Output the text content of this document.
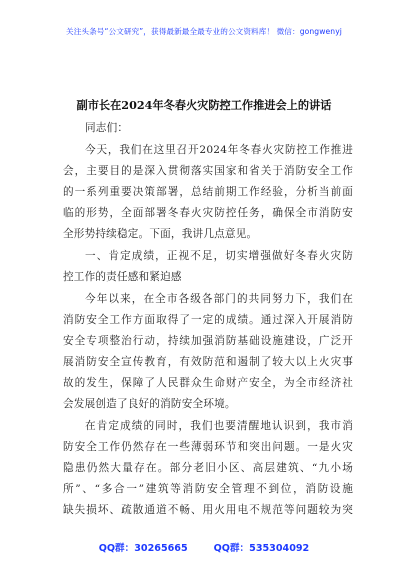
关注头条号“公文研究”，获得最新最全最专业的公文资料库！ 微信：gongwenyj
副市长在2024年冬春火灾防控工作推进会上的讲话
同志们：
今天，我们在这里召开2024年冬春火灾防控工作推进
会，主要目的是深入贯彻落实国家和省关于消防安全工作
的一系列重要决策部署，总结前期工作经验，分析当前面
临的形势，全面部署冬春火灾防控任务，确保全市消防安
全形势持续稳定。下面，我讲几点意见。
一、肯定成绩，正视不足，切实增强做好冬春火灾防
控工作的责任感和紧迫感
今年以来，在全市各级各部门的共同努力下，我们在
消防安全工作方面取得了一定的成绩。通过深入开展消防
安全专项整治行动，持续加强消防基础设施建设，广泛开
展消防安全宣传教育，有效防范和遏制了较大以上火灾事
故的发生，保障了人民群众生命财产安全，为全市经济社
会发展创造了良好的消防安全环境。
在肯定成绩的同时，我们也要清醒地认识到，我市消
防安全工作仍然存在一些薄弱环节和突出问题。一是火灾
隐患仍然大量存在。部分老旧小区、高层建筑、“九小场
所”、“多合一”建筑等消防安全管理不到位，消防设施
缺失损坏、疏散通道不畅、用火用电不规范等问题较为突
QQ群：30265665	QQ群：535304092
